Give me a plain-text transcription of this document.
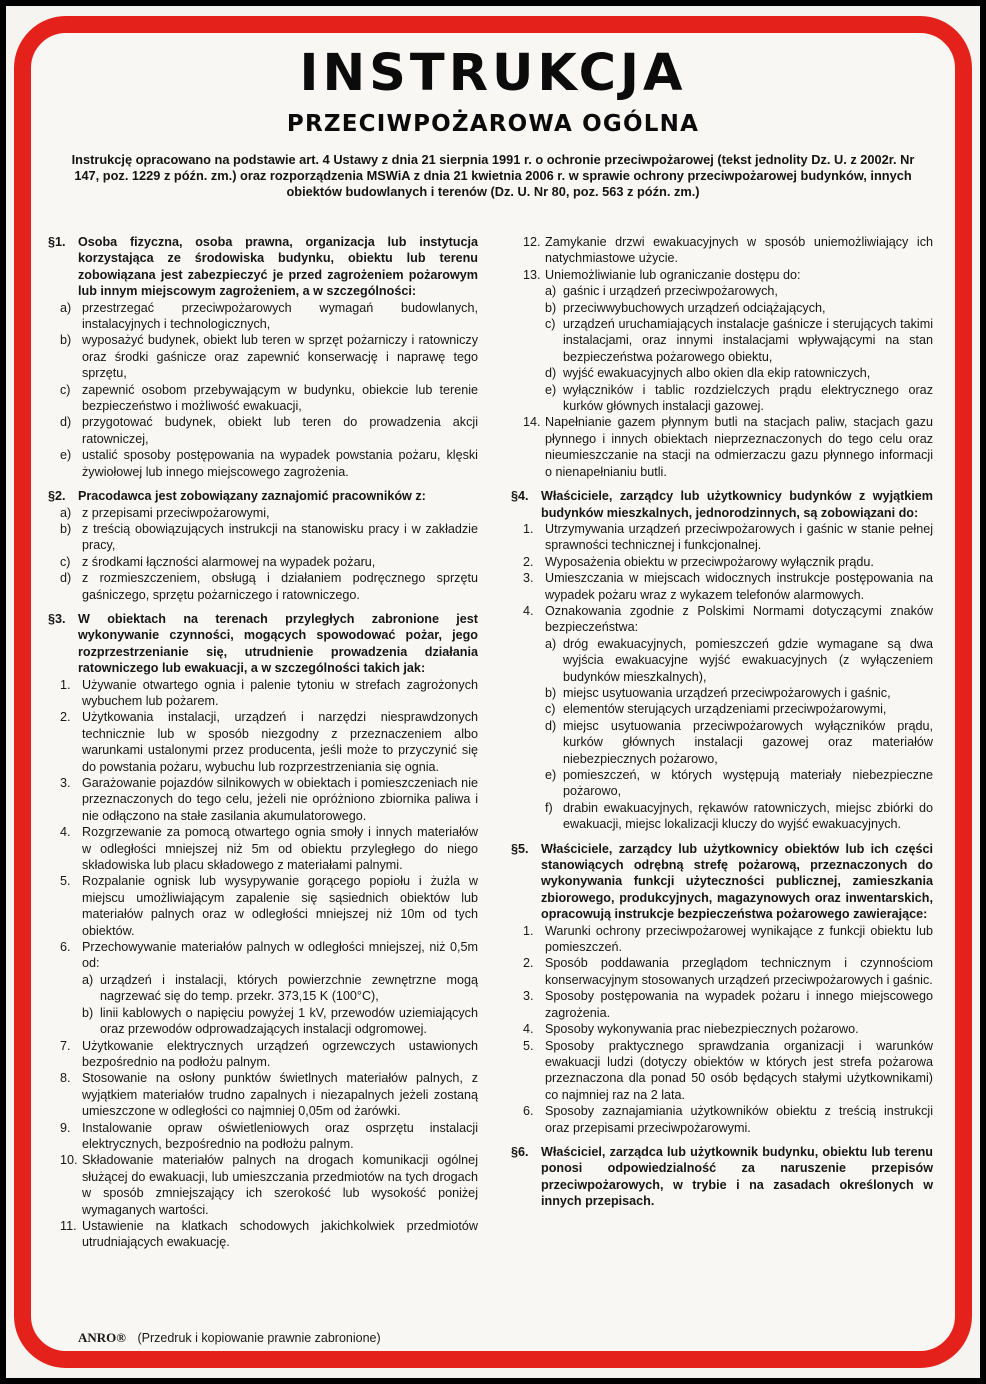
INSTRUKCJA
PRZECIWPOŻAROWA OGÓLNA
Instrukcję opracowano na podstawie art. 4 Ustawy z dnia 21 sierpnia 1991 r. o ochronie przeciwpożarowej (tekst jednolity Dz. U. z 2002r. Nr 147, poz. 1229 z późn. zm.) oraz rozporządzenia MSWiA z dnia 21 kwietnia 2006 r. w sprawie ochrony przeciwpożarowej budynków, innych obiektów budowlanych i terenów (Dz. U. Nr 80, poz. 563 z późn. zm.)
§1. Osoba fizyczna, osoba prawna, organizacja lub instytucja korzystająca ze środowiska budynku, obiektu lub terenu zobowiązana jest zabezpieczyć je przed zagrożeniem pożarowym lub innym miejscowym zagrożeniem, a w szczególności:
a) przestrzegać przeciwpożarowych wymagań budowlanych, instalacyjnych i technologicznych,
b) wyposażyć budynek, obiekt lub teren w sprzęt pożarniczy i ratowniczy oraz środki gaśnicze oraz zapewnić konserwację i naprawę tego sprzętu,
c) zapewnić osobom przebywającym w budynku, obiekcie lub terenie bezpieczeństwo i możliwość ewakuacji,
d) przygotować budynek, obiekt lub teren do prowadzenia akcji ratowniczej,
e) ustalić sposoby postępowania na wypadek powstania pożaru, klęski żywiołowej lub innego miejscowego zagrożenia.
§2. Pracodawca jest zobowiązany zaznajomić pracowników z:
a) z przepisami przeciwpożarowymi,
b) z treścią obowiązujących instrukcji na stanowisku pracy i w zakładzie pracy,
c) z środkami łączności alarmowej na wypadek pożaru,
d) z rozmieszczeniem, obsługą i działaniem podręcznego sprzętu gaśniczego, sprzętu pożarniczego i ratowniczego.
§3. W obiektach na terenach przyległych zabronione jest wykonywanie czynności, mogących spowodować pożar, jego rozprzestrzenianie się, utrudnienie prowadzenia działania ratowniczego lub ewakuacji, a w szczególności takich jak:
1. Używanie otwartego ognia i palenie tytoniu w strefach zagrożonych wybuchem lub pożarem.
2. Użytkowania instalacji, urządzeń i narzędzi niesprawdzonych technicznie lub w sposób niezgodny z przeznaczeniem albo warunkami ustalonymi przez producenta, jeśli może to przyczynić się do powstania pożaru, wybuchu lub rozprzestrzeniania się ognia.
3. Garażowanie pojazdów silnikowych w obiektach i pomieszczeniach nie przeznaczonych do tego celu, jeżeli nie opróżniono zbiornika paliwa i nie odłączono na stałe zasilania akumulatorowego.
4. Rozgrzewanie za pomocą otwartego ognia smoły i innych materiałów w odległości mniejszej niż 5m od obiektu przyległego do niego składowiska lub placu składowego z materiałami palnymi.
5. Rozpalanie ognisk lub wysypywanie gorącego popiołu i żużla w miejscu umożliwiającym zapalenie się sąsiednich obiektów lub materiałów palnych oraz w odległości mniejszej niż 10m od tych obiektów.
6. Przechowywanie materiałów palnych w odległości mniejszej, niż 0,5m od:
a) urządzeń i instalacji, których powierzchnie zewnętrzne mogą nagrzewać się do temp. przekr. 373,15 K (100°C),
b) linii kablowych o napięciu powyżej 1 kV, przewodów uziemiających oraz przewodów odprowadzających instalacji odgromowej.
7. Użytkowanie elektrycznych urządzeń ogrzewczych ustawionych bezpośrednio na podłożu palnym.
8. Stosowanie na osłony punktów świetlnych materiałów palnych, z wyjątkiem materiałów trudno zapalnych i niezapalnych jeżeli zostaną umieszczone w odległości co najmniej 0,05m od żarówki.
9. Instalowanie opraw oświetleniowych oraz osprzętu instalacji elektrycznych, bezpośrednio na podłożu palnym.
10. Składowanie materiałów palnych na drogach komunikacji ogólnej służącej do ewakuacji, lub umieszczania przedmiotów na tych drogach w sposób zmniejszający ich szerokość lub wysokość poniżej wymaganych wartości.
11. Ustawienie na klatkach schodowych jakichkolwiek przedmiotów utrudniających ewakuację.
12. Zamykanie drzwi ewakuacyjnych w sposób uniemożliwiający ich natychmiastowe użycie.
13. Uniemożliwianie lub ograniczanie dostępu do:
a) gaśnic i urządzeń przeciwpożarowych,
b) przeciwwybuchowych urządzeń odciążających,
c) urządzeń uruchamiających instalacje gaśnicze i sterujących takimi instalacjami, oraz innymi instalacjami wpływającymi na stan bezpieczeństwa pożarowego obiektu,
d) wyjść ewakuacyjnych albo okien dla ekip ratowniczych,
e) wyłączników i tablic rozdzielczych prądu elektrycznego oraz kurków głównych instalacji gazowej.
14. Napełnianie gazem płynnym butli na stacjach paliw, stacjach gazu płynnego i innych obiektach nieprzeznaczonych do tego celu oraz nieumieszczanie na stacji na odmierzaczu gazu płynnego informacji o nienapełnianiu butli.
§4. Właściciele, zarządcy lub użytkownicy budynków z wyjątkiem budynków mieszkalnych, jednorodzinnych, są zobowiązani do:
1. Utrzymywania urządzeń przeciwpożarowych i gaśnic w stanie pełnej sprawności technicznej i funkcjonalnej.
2. Wyposażenia obiektu w przeciwpożarowy wyłącznik prądu.
3. Umieszczania w miejscach widocznych instrukcje postępowania na wypadek pożaru wraz z wykazem telefonów alarmowych.
4. Oznakowania zgodnie z Polskimi Normami dotyczącymi znaków bezpieczeństwa:
a) dróg ewakuacyjnych, pomieszczeń gdzie wymagane są dwa wyjścia ewakuacyjne wyjść ewakuacyjnych (z wyłączeniem budynków mieszkalnych),
b) miejsc usytuowania urządzeń przeciwpożarowych i gaśnic,
c) elementów sterujących urządzeniami przeciwpożarowymi,
d) miejsc usytuowania przeciwpożarowych wyłączników prądu, kurków głównych instalacji gazowej oraz materiałów niebezpiecznych pożarowo,
e) pomieszczeń, w których występują materiały niebezpieczne pożarowo,
f) drabin ewakuacyjnych, rękawów ratowniczych, miejsc zbiórki do ewakuacji, miejsc lokalizacji kluczy do wyjść ewakuacyjnych.
§5. Właściciele, zarządcy lub użytkownicy obiektów lub ich części stanowiących odrębną strefę pożarową, przeznaczonych do wykonywania funkcji użyteczności publicznej, zamieszkania zbiorowego, produkcyjnych, magazynowych oraz inwentarskich, opracowują instrukcje bezpieczeństwa pożarowego zawierające:
1. Warunki ochrony przeciwpożarowej wynikające z funkcji obiektu lub pomieszczeń.
2. Sposób poddawania przeglądom technicznym i czynnościom konserwacyjnym stosowanych urządzeń przeciwpożarowych i gaśnic.
3. Sposoby postępowania na wypadek pożaru i innego miejscowego zagrożenia.
4. Sposoby wykonywania prac niebezpiecznych pożarowo.
5. Sposoby praktycznego sprawdzania organizacji i warunków ewakuacji ludzi (dotyczy obiektów w których jest strefa pożarowa przeznaczona dla ponad 50 osób będących stałymi użytkownikami) co najmniej raz na 2 lata.
6. Sposoby zaznajamiania użytkowników obiektu z treścią instrukcji oraz przepisami przeciwpożarowymi.
§6. Właściciel, zarządca lub użytkownik budynku, obiektu lub terenu ponosi odpowiedzialność za naruszenie przepisów przeciwpożarowych, w trybie i na zasadach określonych w innych przepisach.
ANRO® (Przedruk i kopiowanie prawnie zabronione)
